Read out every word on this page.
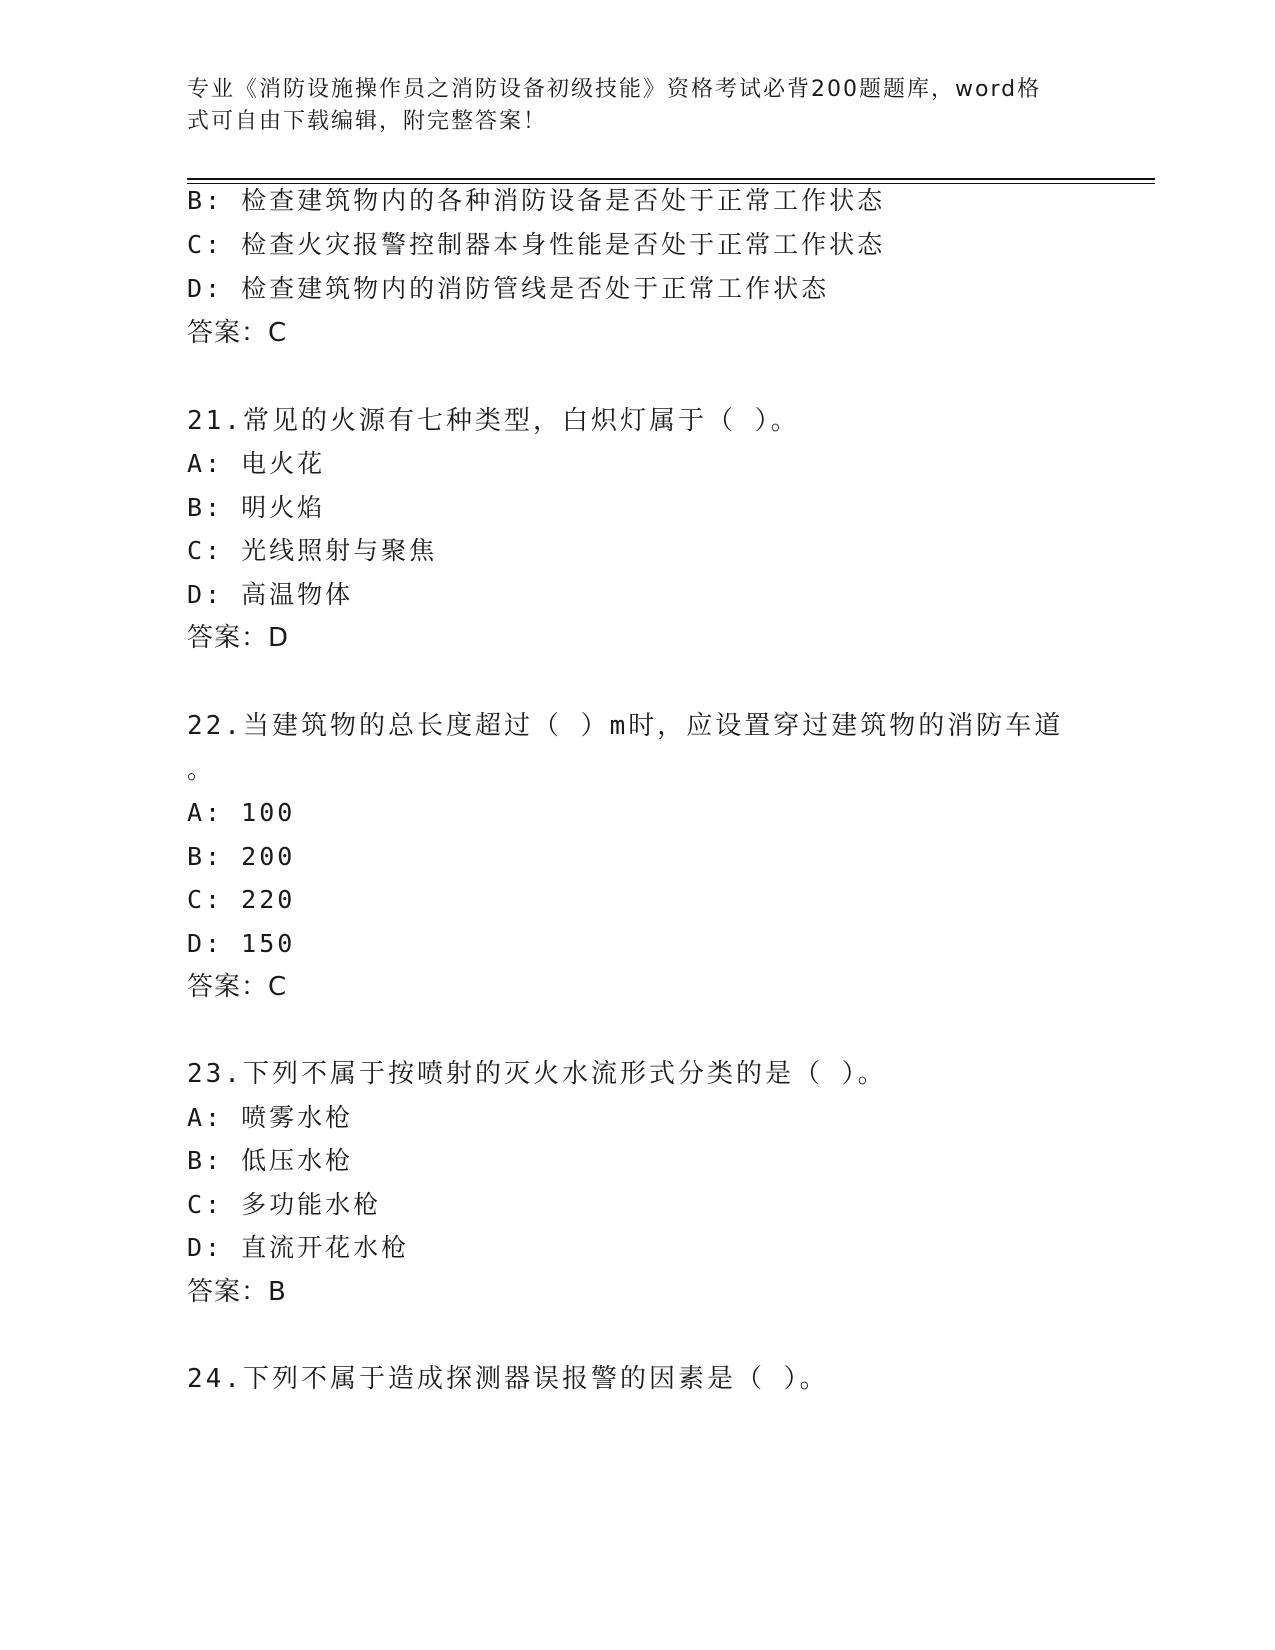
专业《消防设施操作员之消防设备初级技能》资格考试必背200题题库，word格
式可自由下载编辑，附完整答案！
B: 检查建筑物内的各种消防设备是否处于正常工作状态
C: 检查火灾报警控制器本身性能是否处于正常工作状态
D: 检查建筑物内的消防管线是否处于正常工作状态
答案：C
21.常见的火源有七种类型，白炽灯属于（ ）。
A: 电火花
B: 明火焰
C: 光线照射与聚焦
D: 高温物体
答案：D
22.当建筑物的总长度超过（ ）m时，应设置穿过建筑物的消防车道
。
A: 100
B: 200
C: 220
D: 150
答案：C
23.下列不属于按喷射的灭火水流形式分类的是（ ）。
A: 喷雾水枪
B: 低压水枪
C: 多功能水枪
D: 直流开花水枪
答案：B
24.下列不属于造成探测器误报警的因素是（ ）。
